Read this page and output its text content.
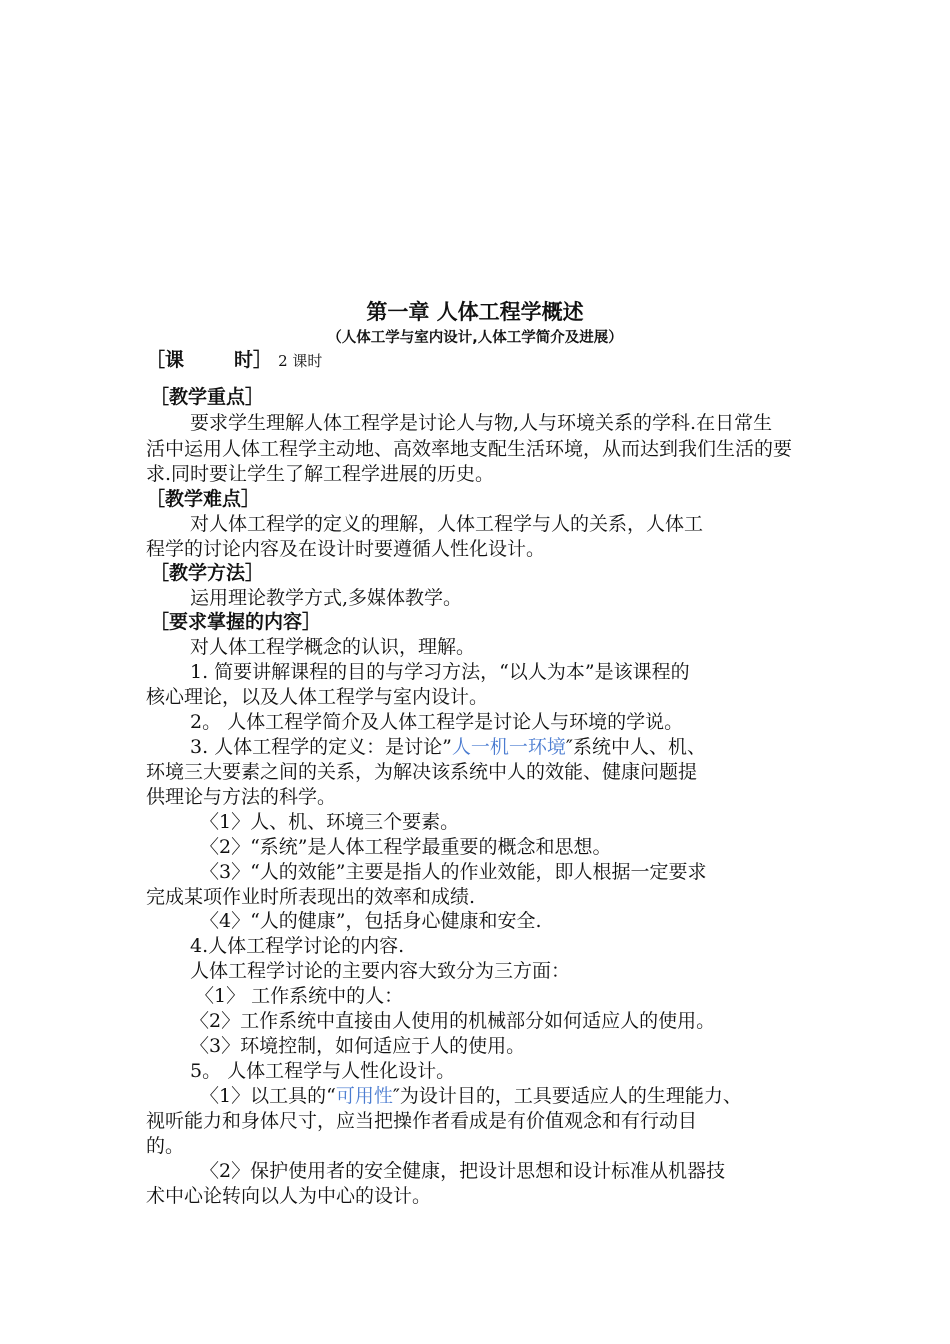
第一章 人体工程学概述
（人体工学与室内设计,人体工学简介及进展）
［课	时］ 2 课时
［教学重点］
要求学生理解人体工程学是讨论人与物,人与环境关系的学科.在日常生
活中运用人体工程学主动地、高效率地支配生活环境，从而达到我们生活的要
求.同时要让学生了解工程学进展的历史。
［教学难点］
对人体工程学的定义的理解，人体工程学与人的关系，人体工
程学的讨论内容及在设计时要遵循人性化设计。
［教学方法］
运用理论教学方式,多媒体教学。
［要求掌握的内容］
对人体工程学概念的认识，理解。
1. 简要讲解课程的目的与学习方法，“以人为本”是该课程的
核心理论，以及人体工程学与室内设计。
2。 人体工程学简介及人体工程学是讨论人与环境的学说。
3. 人体工程学的定义：是讨论”人一机一环境″系统中人、机、
环境三大要素之间的关系，为解决该系统中人的效能、健康问题提
供理论与方法的科学。
〈1〉人、机、环境三个要素。
〈2〉“系统”是人体工程学最重要的概念和思想。
〈3〉“人的效能”主要是指人的作业效能，即人根据一定要求
完成某项作业时所表现出的效率和成绩.
〈4〉“人的健康”，包括身心健康和安全.
4.人体工程学讨论的内容.
人体工程学讨论的主要内容大致分为三方面：
〈1〉 工作系统中的人：
〈2〉工作系统中直接由人使用的机械部分如何适应人的使用。
〈3〉环境控制，如何适应于人的使用。
5。 人体工程学与人性化设计。
〈1〉以工具的“可用性″为设计目的，工具要适应人的生理能力、
视听能力和身体尺寸，应当把操作者看成是有价值观念和有行动目
的。
〈2〉保护使用者的安全健康，把设计思想和设计标准从机器技
术中心论转向以人为中心的设计。
